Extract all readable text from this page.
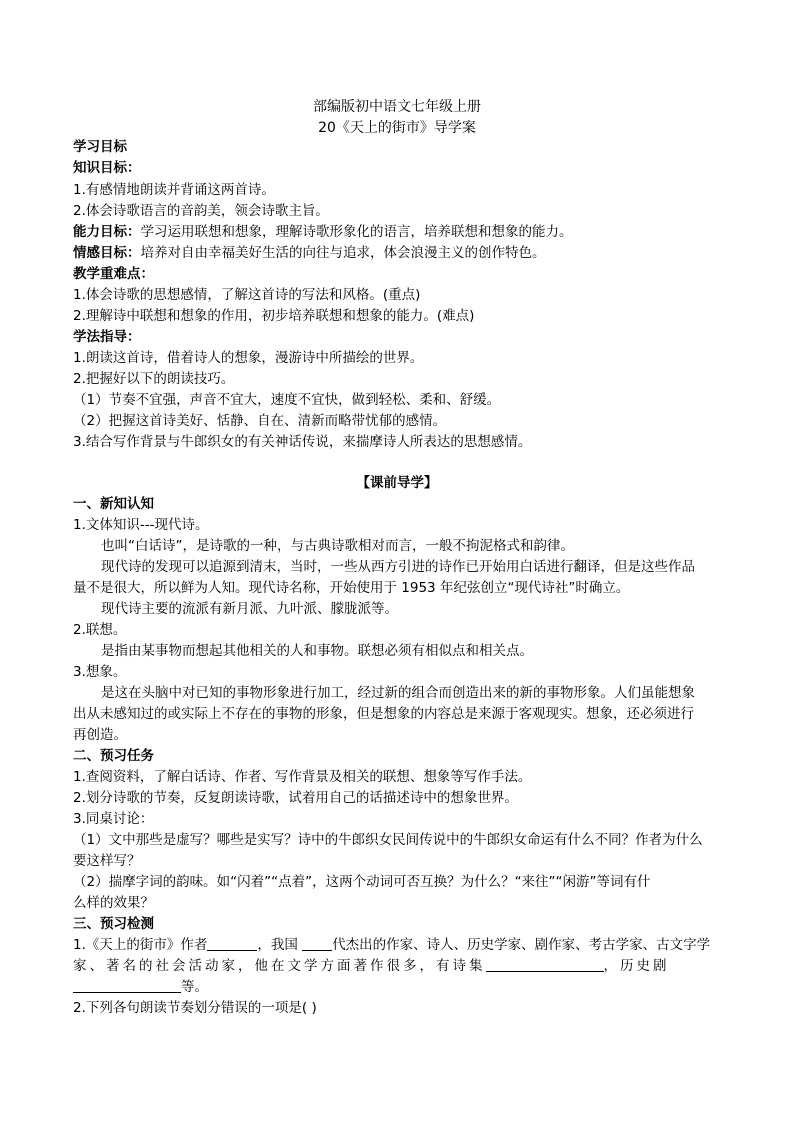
部编版初中语文七年级上册
20《天上的街市》导学案
学习目标
知识目标：
1.有感情地朗读并背诵这两首诗。
2.体会诗歌语言的音韵美，领会诗歌主旨。
能力目标：学习运用联想和想象，理解诗歌形象化的语言，培养联想和想象的能力。
情感目标：培养对自由幸福美好生活的向往与追求，体会浪漫主义的创作特色。
教学重难点：
1.体会诗歌的思想感情，了解这首诗的写法和风格。(重点)
2.理解诗中联想和想象的作用，初步培养联想和想象的能力。(难点)
学法指导：
1.朗读这首诗，借着诗人的想象，漫游诗中所描绘的世界。
2.把握好以下的朗读技巧。
（1）节奏不宜强，声音不宜大，速度不宜快，做到轻松、柔和、舒缓。
（2）把握这首诗美好、恬静、自在、清新而略带忧郁的感情。
3.结合写作背景与牛郎织女的有关神话传说，来揣摩诗人所表达的思想感情。
【课前导学】
一、新知认知
1.文体知识---现代诗。
也叫“白话诗”，是诗歌的一种，与古典诗歌相对而言，一般不拘泥格式和韵律。
现代诗的发现可以追源到清末，当时，一些从西方引进的诗作已开始用白话进行翻译，但是这些作品
量不是很大，所以鲜为人知。现代诗名称，开始使用于 1953 年纪弦创立“现代诗社”时确立。
现代诗主要的流派有新月派、九叶派、朦胧派等。
2.联想。
是指由某事物而想起其他相关的人和事物。联想必须有相似点和相关点。
3.想象。
是这在头脑中对已知的事物形象进行加工，经过新的组合而创造出来的新的事物形象。人们虽能想象
出从未感知过的或实际上不存在的事物的形象，但是想象的内容总是来源于客观现实。想象，还必须进行
再创造。
二、预习任务
1.查阅资料，了解白话诗、作者、写作背景及相关的联想、想象等写作手法。
2.划分诗歌的节奏，反复朗读诗歌，试着用自己的话描述诗中的想象世界。
3.同桌讨论：
（1）文中那些是虚写？哪些是实写？诗中的牛郎织女民间传说中的牛郎织女命运有什么不同？作者为什么
要这样写？
（2）揣摩字词的韵味。如“闪着”“点着”，这两个动词可否互换？为什么？“来往”“闲游”等词有什
么样的效果？
三、预习检测
1.《天上的街市》作者	，我国 代杰出的作家、诗人、历史学家、剧作家、考古学家、古文字学
家、著名的社会活动家，他在文学方面著作很多，有诗集	，历史剧
等。
2.下列各句朗读节奏划分错误的一项是( )
